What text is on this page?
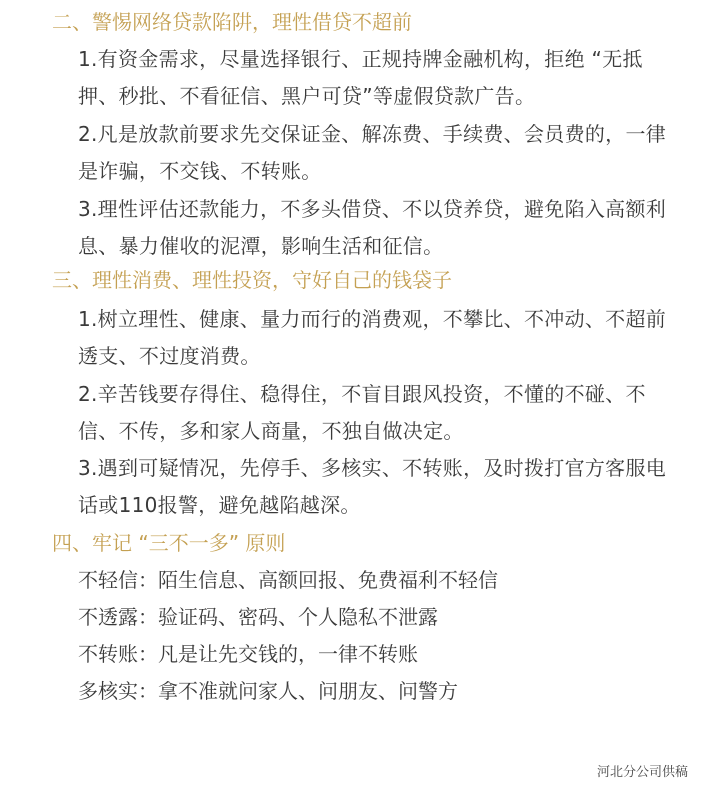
二、警惕网络贷款陷阱，理性借贷不超前
1.有资金需求，尽量选择银行、正规持牌金融机构，拒绝 “无抵押、秒批、不看征信、黑户可贷”等虚假贷款广告。
2.凡是放款前要求先交保证金、解冻费、手续费、会员费的，一律是诈骗，不交钱、不转账。
3.理性评估还款能力，不多头借贷、不以贷养贷，避免陷入高额利息、暴力催收的泥潭，影响生活和征信。
三、理性消费、理性投资，守好自己的钱袋子
1.树立理性、健康、量力而行的消费观，不攀比、不冲动、不超前透支、不过度消费。
2.辛苦钱要存得住、稳得住，不盲目跟风投资，不懂的不碰、不信、不传，多和家人商量，不独自做决定。
3.遇到可疑情况，先停手、多核实、不转账，及时拨打官方客服电话或110报警，避免越陷越深。
四、牢记 “三不一多” 原则
不轻信：陌生信息、高额回报、免费福利不轻信
不透露：验证码、密码、个人隐私不泄露
不转账：凡是让先交钱的，一律不转账
多核实：拿不准就问家人、问朋友、问警方
河北分公司供稿
